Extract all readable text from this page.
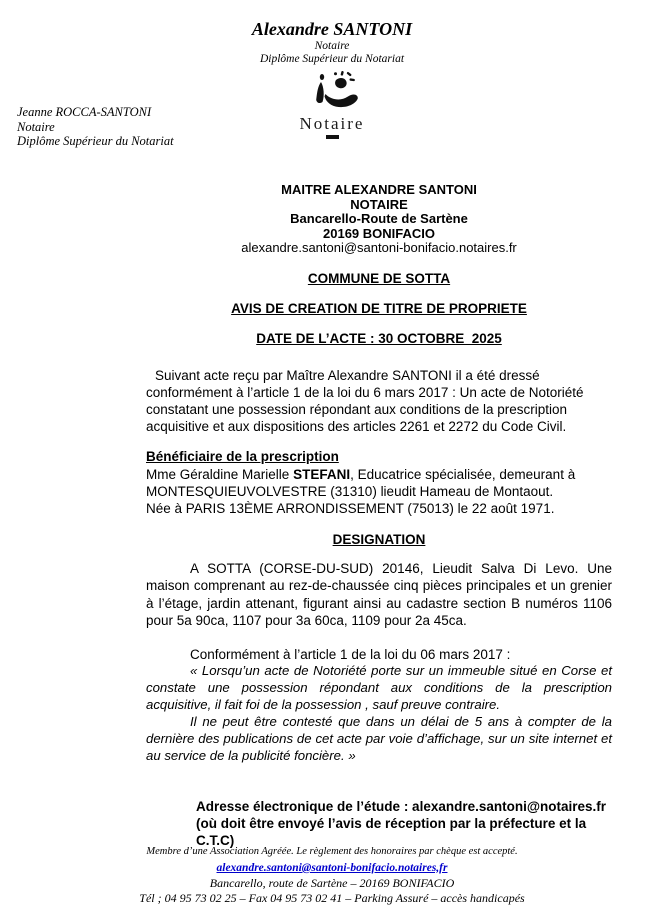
Alexandre SANTONI
Notaire
Diplôme Supérieur du Notariat
Notaire
Jeanne ROCCA-SANTONI
Notaire
Diplôme Supérieur du Notariat
MAITRE ALEXANDRE SANTONI
NOTAIRE
Bancarello-Route de Sartène
20169 BONIFACIO
alexandre.santoni@santoni-bonifacio.notaires.fr
COMMUNE DE SOTTA
AVIS DE CREATION DE TITRE DE PROPRIETE
DATE DE L’ACTE : 30 OCTOBRE  2025

Suivant acte reçu par Maître Alexandre SANTONI il a été dressé conformément à l’article 1 de la loi du 6 mars 2017 : Un acte de Notoriété constatant une possession répondant aux conditions de la prescription acquisitive et aux dispositions des articles 2261 et 2272 du Code Civil.

Bénéficiaire de la prescription

Mme Géraldine Marielle STEFANI, Educatrice spécialisée, demeurant à MONTESQUIEUVOLVESTRE (31310) lieudit Hameau de Montaout.

Née à PARIS 13ÈME ARRONDISSEMENT (75013) le 22 août 1971.

DESIGNATION

A SOTTA (CORSE-DU-SUD) 20146, Lieudit Salva Di Levo. Une maison comprenant au rez-de-chaussée cinq pièces principales et un grenier à l’étage, jardin attenant, figurant ainsi au cadastre section B numéros 1106 pour 5a 90ca, 1107 pour 3a 60ca, 1109 pour 2a 45ca.

Conformément à l’article 1 de la loi du 06 mars 2017 :

« Lorsqu’un acte de Notoriété porte sur un immeuble situé en Corse et constate une possession répondant aux conditions de la prescription acquisitive, il fait foi de la possession , sauf preuve contraire.

Il ne peut être contesté que dans un délai de 5 ans à compter de la dernière des publications de cet acte par voie d’affichage, sur un site internet et au service de la publicité foncière. »

Adresse électronique de l’étude : alexandre.santoni@notaires.fr
(où doit être envoyé l’avis de réception par la préfecture et la C.T.C)
Membre d’une Association Agréée. Le règlement des honoraires par chèque est accepté.
alexandre.santoni@santoni-bonifacio.notaires,fr
Bancarello, route de Sartène – 20169 BONIFACIO
Tél ; 04 95 73 02 25 – Fax 04 95 73 02 41 – Parking Assuré – accès handicapés
